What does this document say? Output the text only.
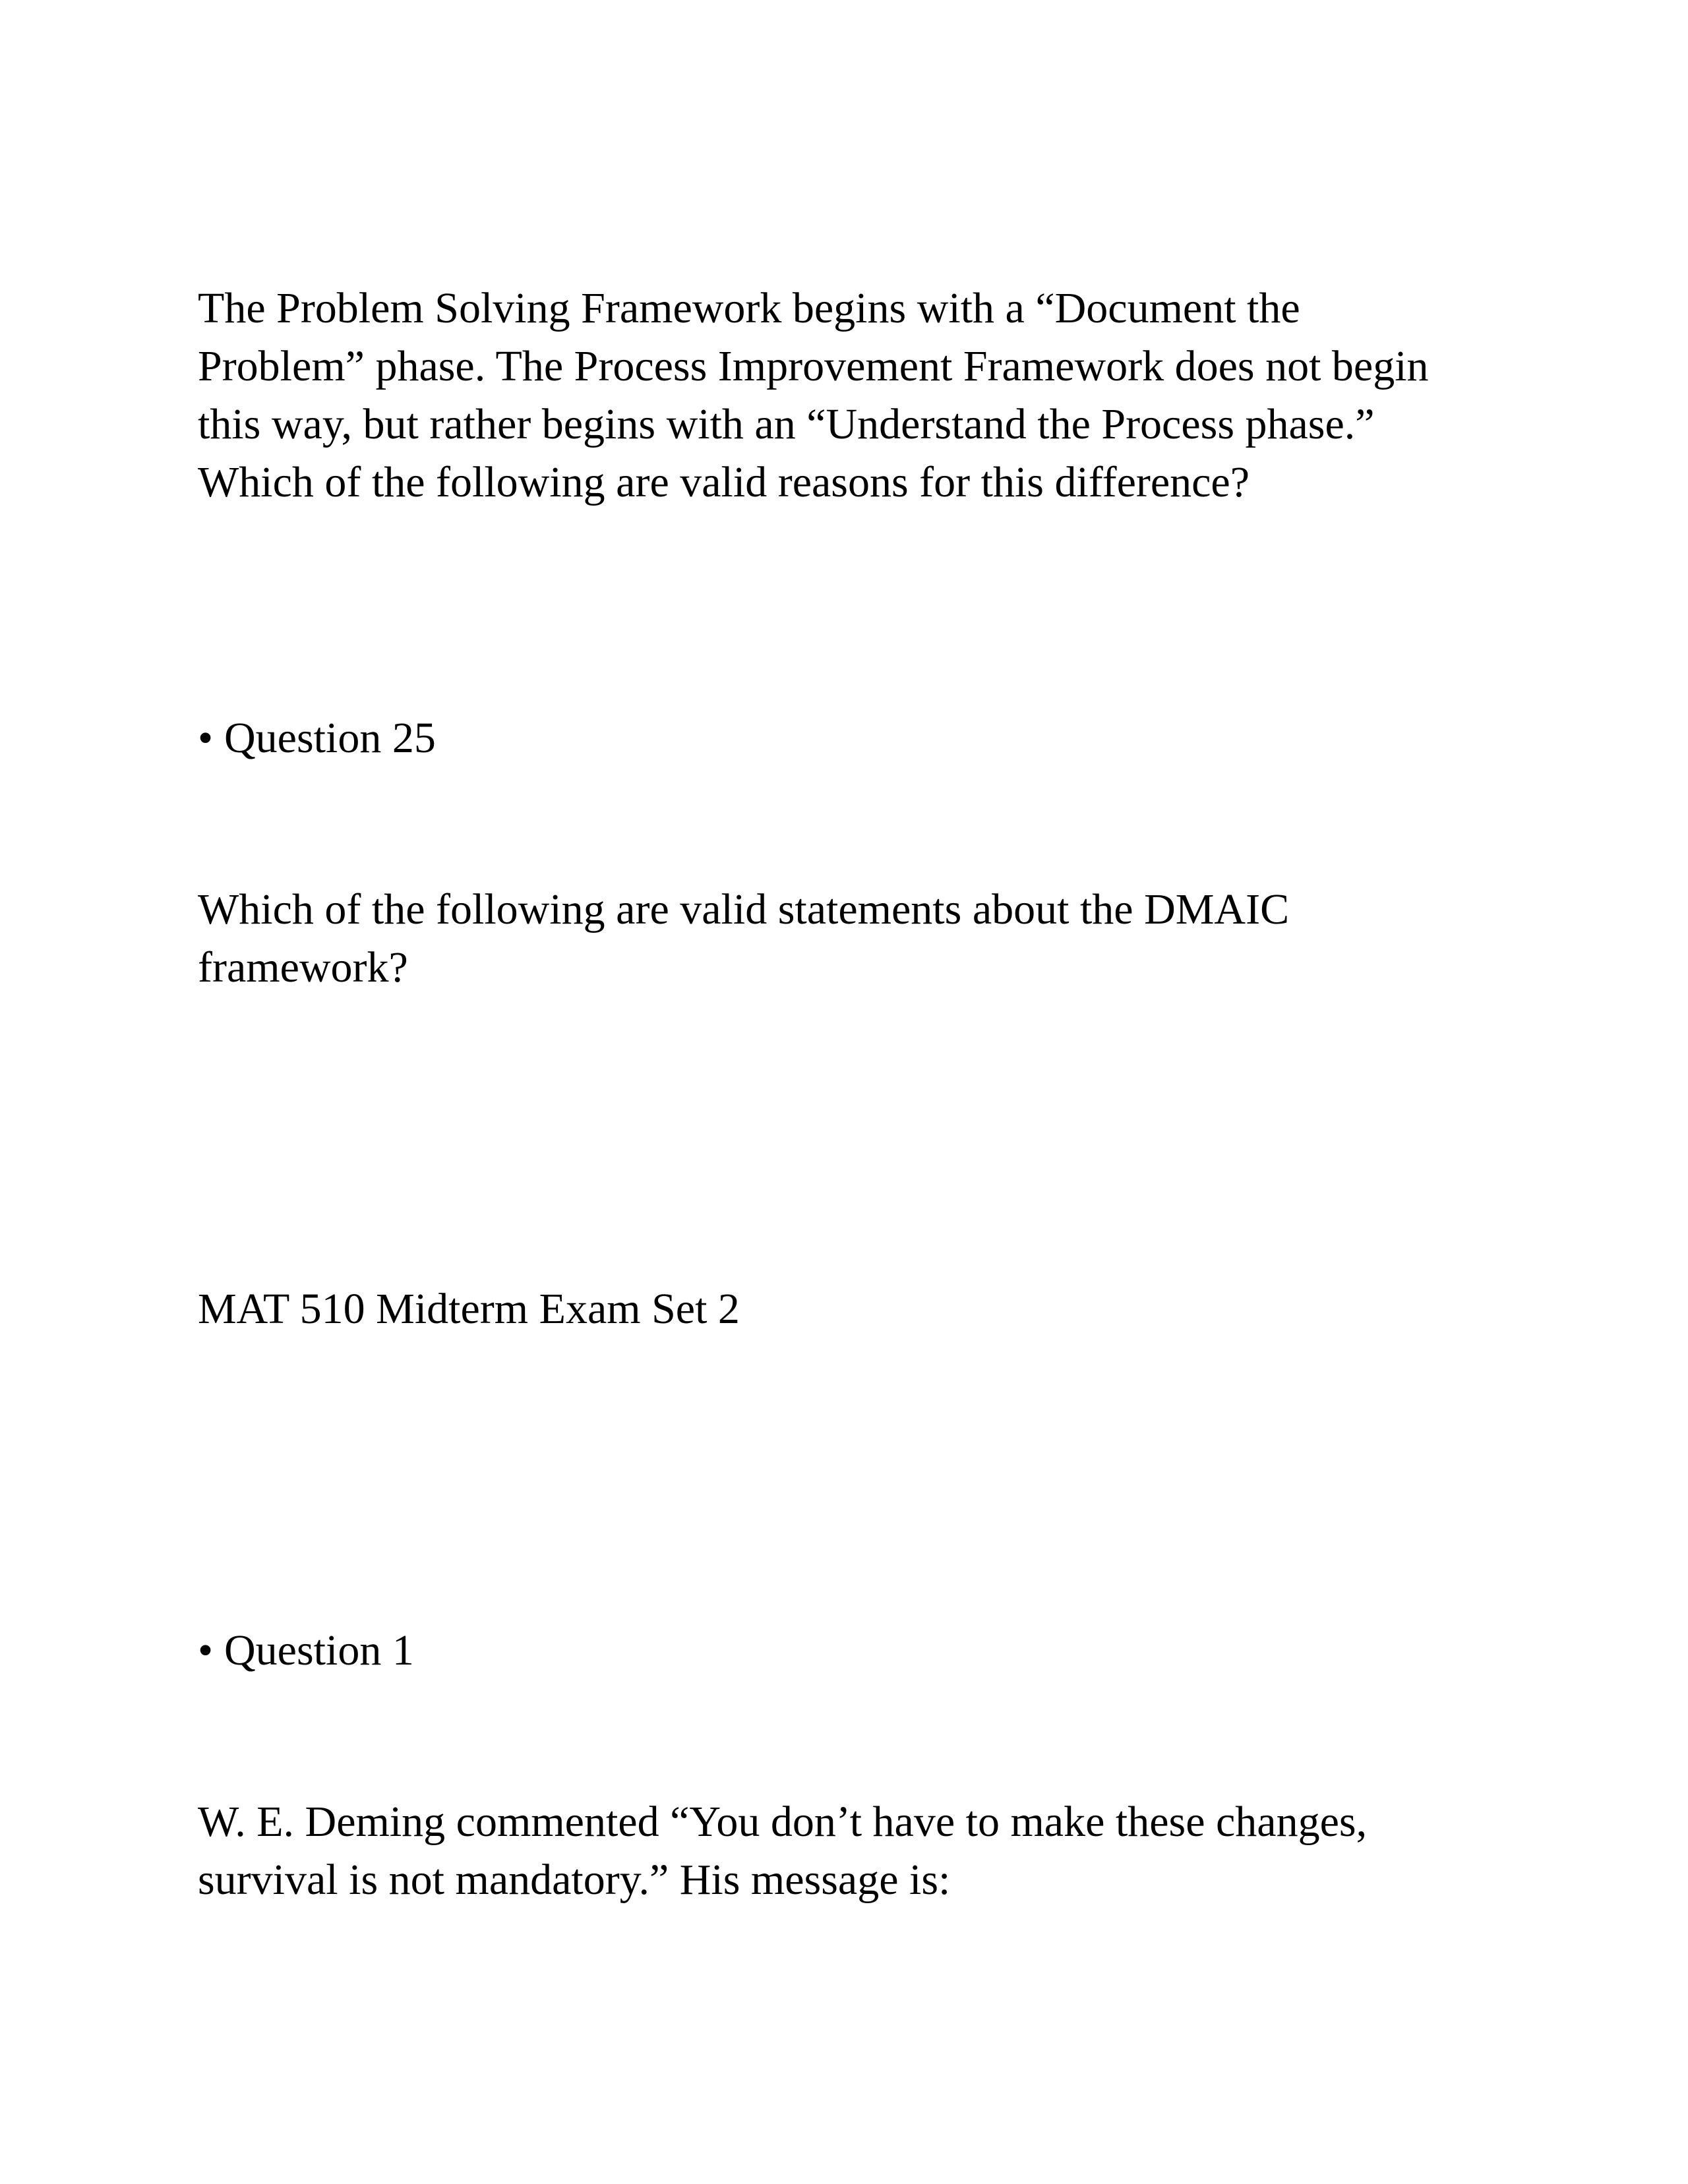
The Problem Solving Framework begins with a “Document the
Problem” phase. The Process Improvement Framework does not begin
this way, but rather begins with an “Understand the Process phase.”
Which of the following are valid reasons for this difference?

• Question 25

Which of the following are valid statements about the DMAIC
framework?

MAT 510 Midterm Exam Set 2

• Question 1

W. E. Deming commented “You don’t have to make these changes,
survival is not mandatory.” His message is:
